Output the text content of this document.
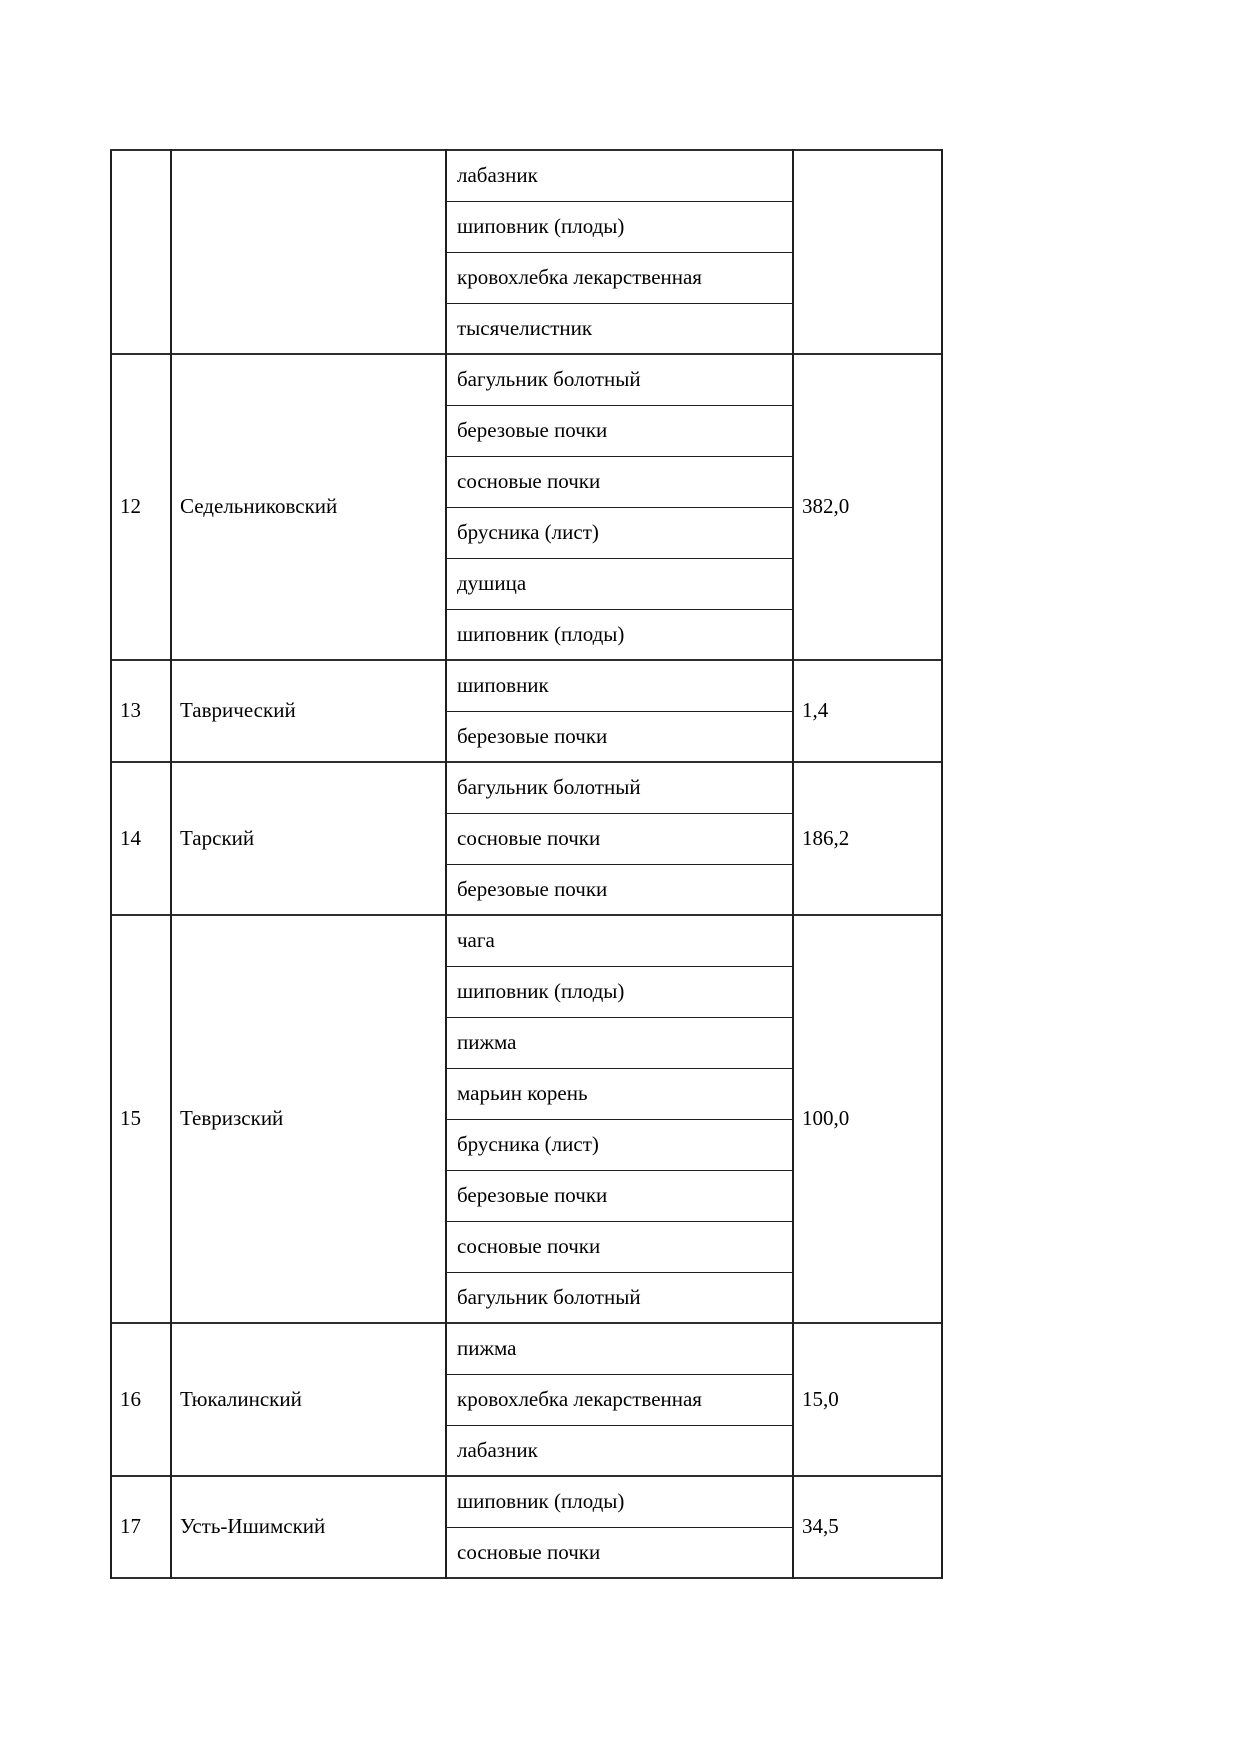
		лабазник	
		шиповник (плоды)	
		кровохлебка лекарственная	
		тысячелистник	
12	Седельниковский	багульник болотный	382,0
		березовые почки	
		сосновые почки	
		брусника (лист)	
		душица	
		шиповник (плоды)	
13	Таврический	шиповник	1,4
		березовые почки	
14	Тарский	багульник болотный	186,2
		сосновые почки	
		березовые почки	
15	Тевризский	чага	100,0
		шиповник (плоды)	
		пижма	
		марьин корень	
		брусника (лист)	
		березовые почки	
		сосновые почки	
		багульник болотный	
16	Тюкалинский	пижма	15,0
		кровохлебка лекарственная	
		лабазник	
17	Усть-Ишимский	шиповник (плоды)	34,5
		сосновые почки	
